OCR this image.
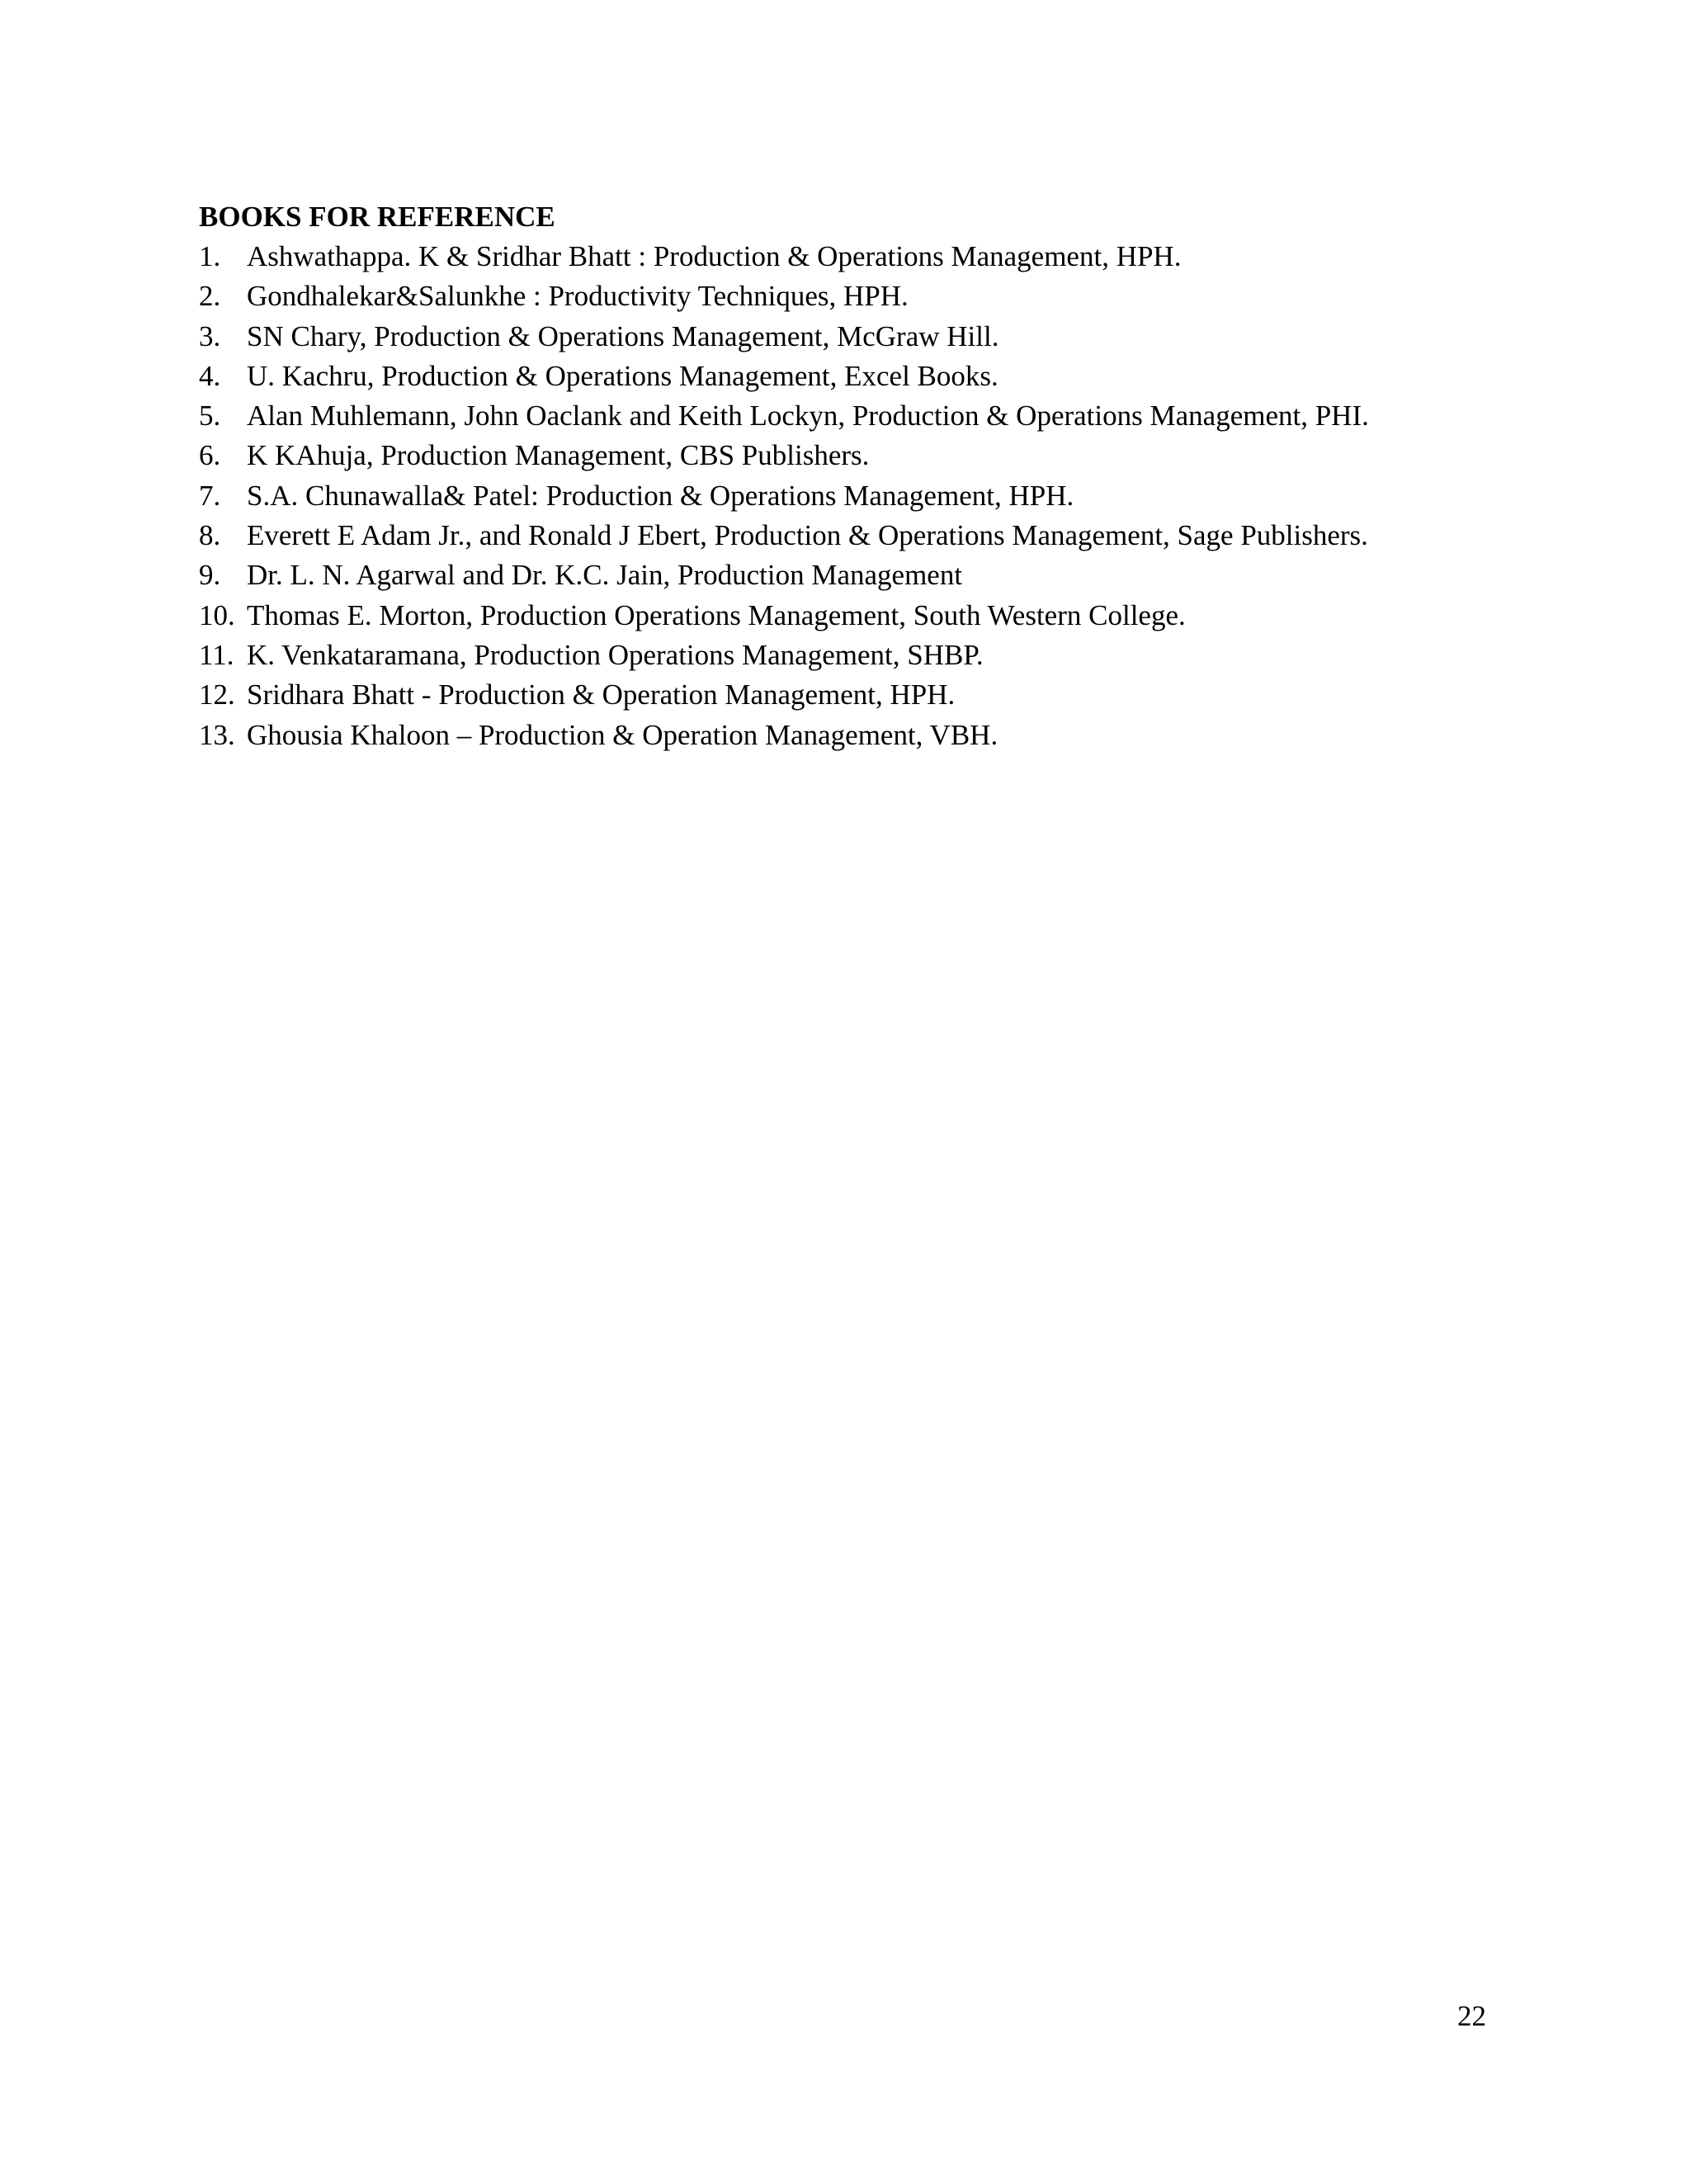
BOOKS FOR REFERENCE
1. Ashwathappa. K & Sridhar Bhatt : Production & Operations Management, HPH.
2. Gondhalekar&Salunkhe : Productivity Techniques, HPH.
3. SN Chary, Production & Operations Management, McGraw Hill.
4. U. Kachru, Production & Operations Management, Excel Books.
5. Alan Muhlemann, John Oaclank and Keith Lockyn, Production & Operations Management, PHI.
6. K KAhuja, Production Management, CBS Publishers.
7. S.A. Chunawalla& Patel: Production & Operations Management, HPH.
8. Everett E Adam Jr., and Ronald J Ebert, Production & Operations Management, Sage Publishers.
9. Dr. L. N. Agarwal and Dr. K.C. Jain, Production Management
10. Thomas E. Morton, Production Operations Management, South Western College.
11. K. Venkataramana, Production Operations Management, SHBP.
12. Sridhara Bhatt - Production & Operation Management, HPH.
13. Ghousia Khaloon – Production & Operation Management, VBH.
22
